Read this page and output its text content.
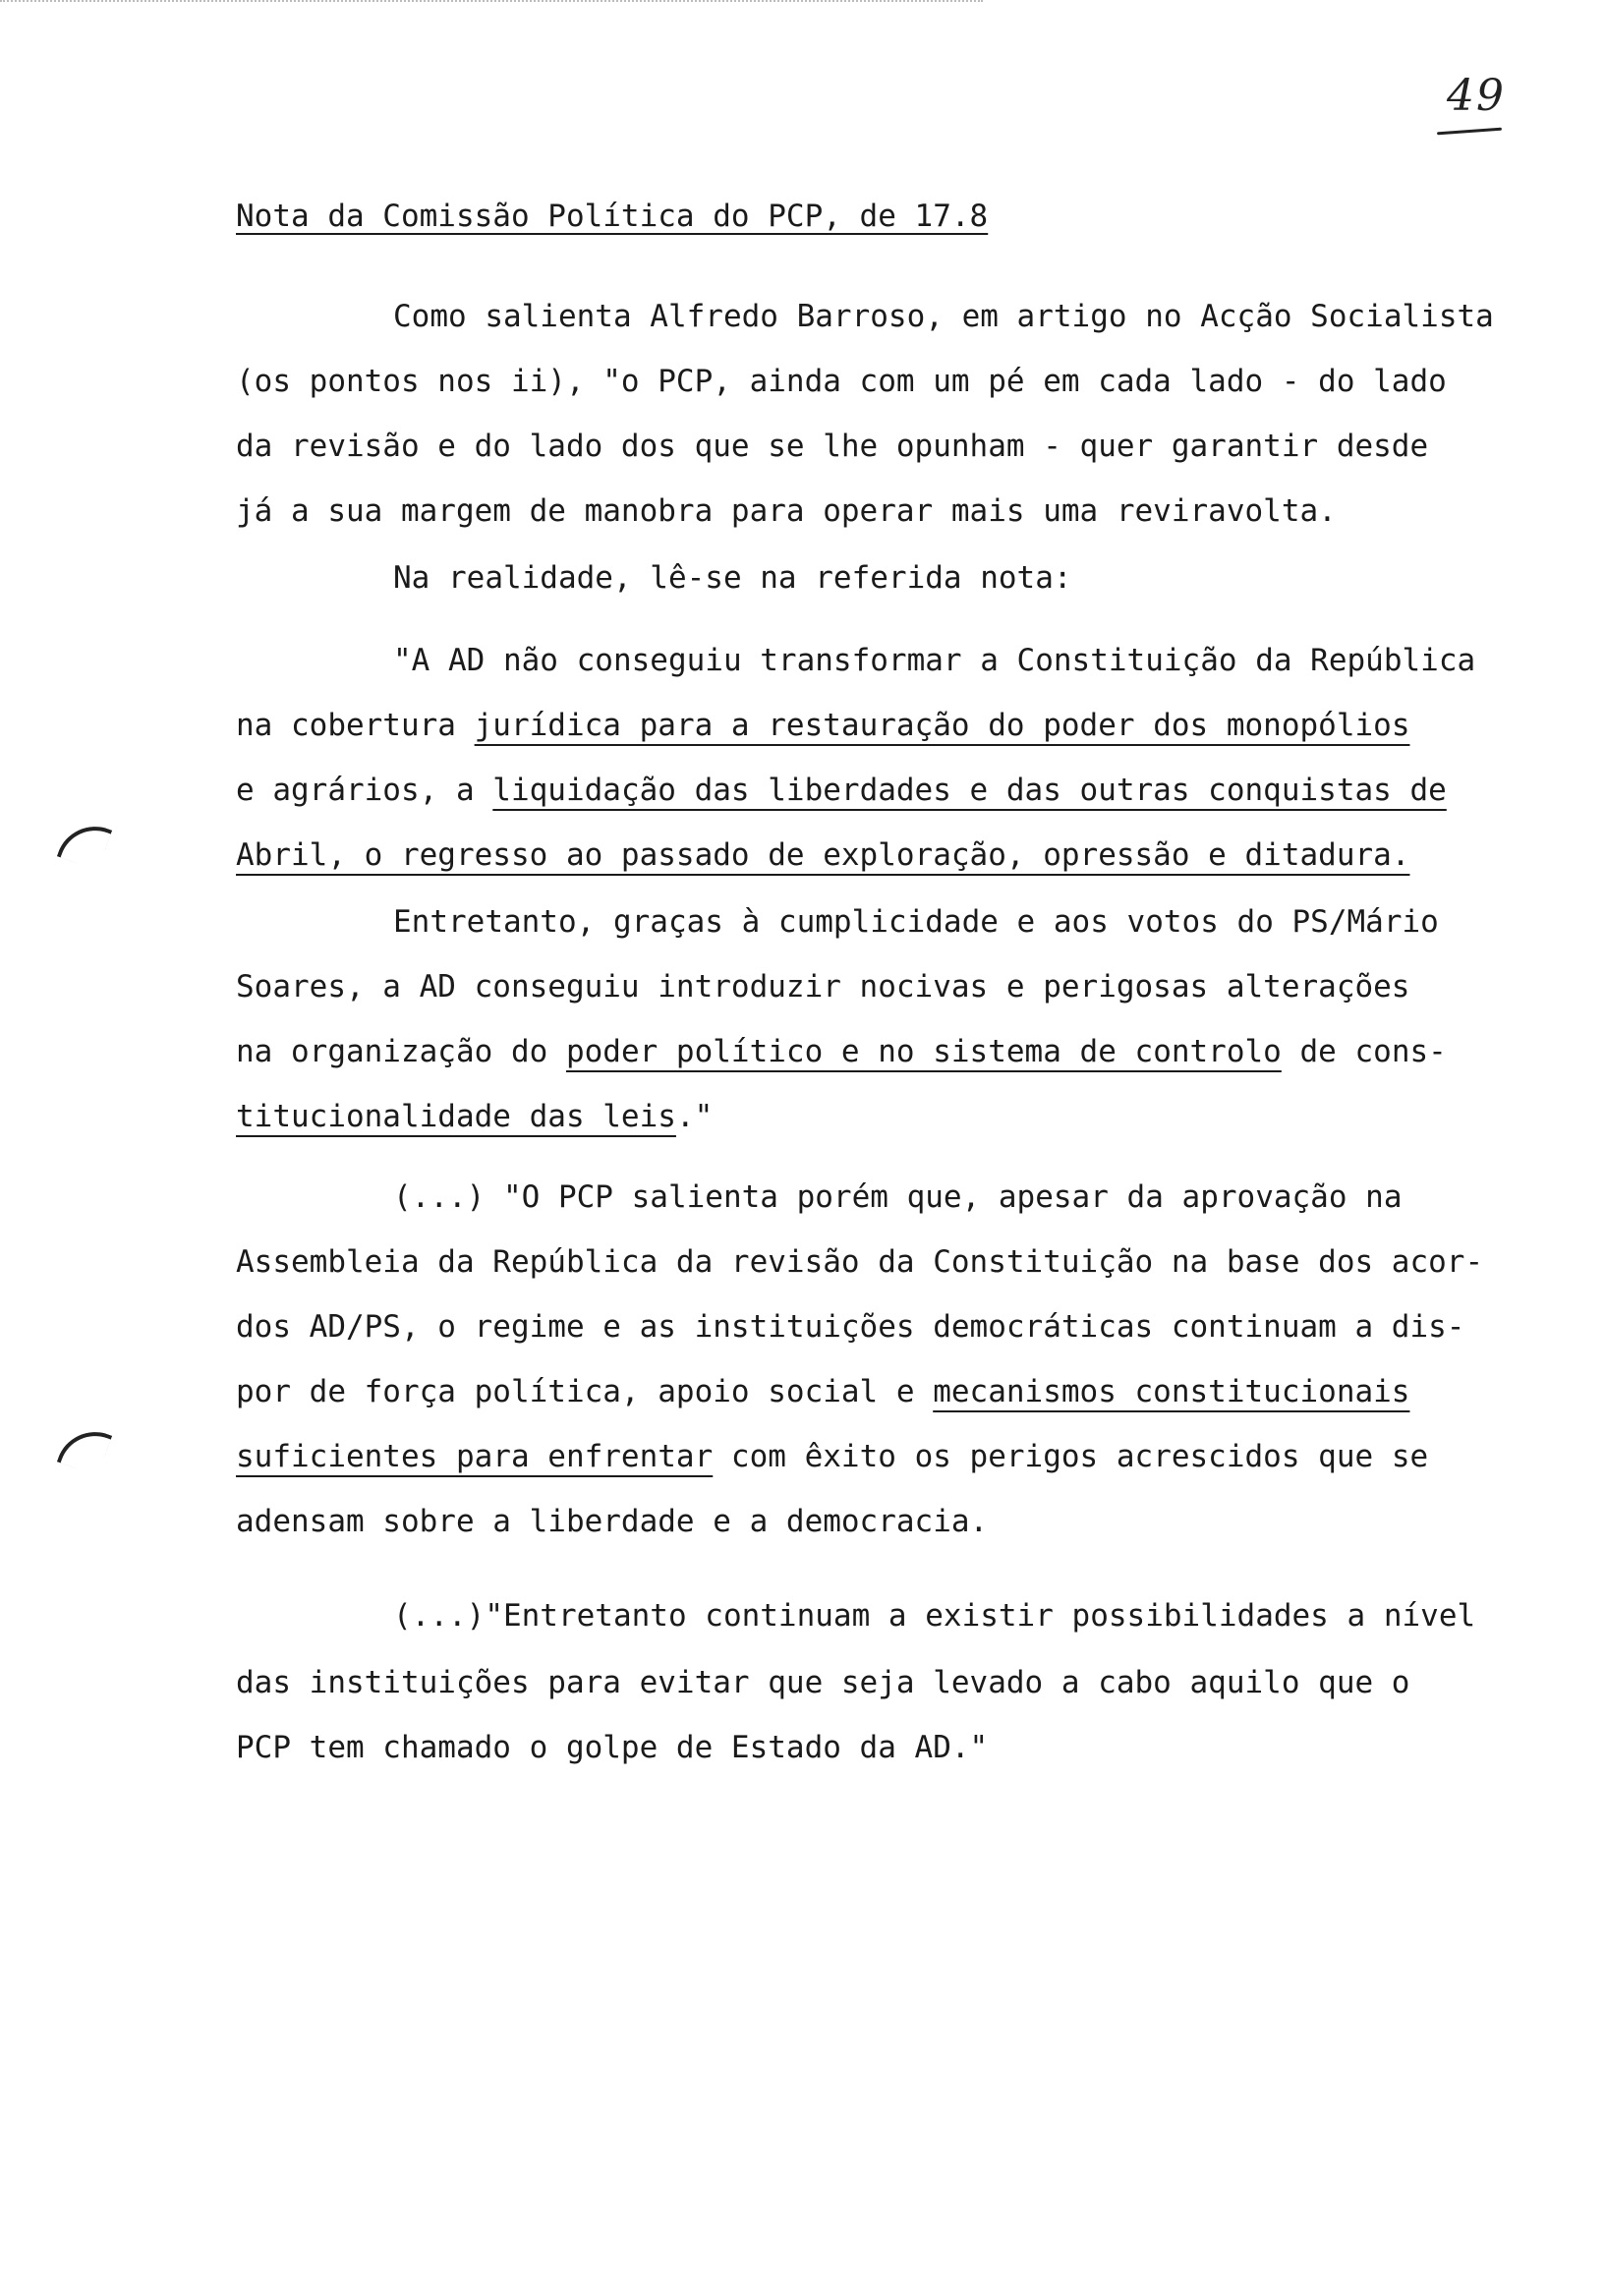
49
Nota da Comissão Política do PCP, de 17.8
Como salienta Alfredo Barroso, em artigo no Acção Socialista
(os pontos nos ii), "o PCP, ainda com um pé em cada lado - do lado
da revisão e do lado dos que se lhe opunham - quer garantir desde
já a sua margem de manobra para operar mais uma reviravolta.
Na realidade, lê-se na referida nota:
"A AD não conseguiu transformar a Constituição da República
na cobertura jurídica para a restauração do poder dos monopólios
e agrários, a liquidação das liberdades e das outras conquistas de
Abril, o regresso ao passado de exploração, opressão e ditadura.
Entretanto, graças à cumplicidade e aos votos do PS/Mário
Soares, a AD conseguiu introduzir nocivas e perigosas alterações
na organização do poder político e no sistema de controlo de cons-
titucionalidade das leis."
(...) "O PCP salienta porém que, apesar da aprovação na
Assembleia da República da revisão da Constituição na base dos acor-
dos AD/PS, o regime e as instituições democráticas continuam a dis-
por de força política, apoio social e mecanismos constitucionais
suficientes para enfrentar com êxito os perigos acrescidos que se
adensam sobre a liberdade e a democracia.
(...)"Entretanto continuam a existir possibilidades a nível
das instituições para evitar que seja levado a cabo aquilo que o
PCP tem chamado o golpe de Estado da AD."
